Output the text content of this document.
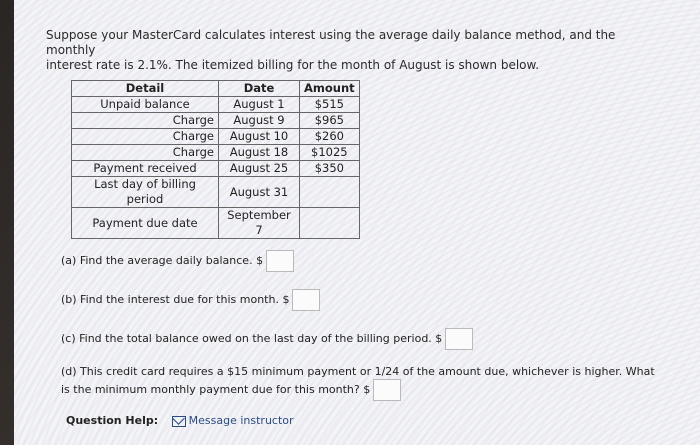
Suppose your MasterCard calculates interest using the average daily balance method, and the monthly
interest rate is 2.1%. The itemized billing for the month of August is shown below.
Detail	Date	Amount
Unpaid balance	August 1	$515
Charge	August 9	$965
Charge	August 10	$260
Charge	August 18	$1025
Payment received	August 25	$350
Last day of billing period	August 31	
Payment due date	September 7	
(a) Find the average daily balance. $
(b) Find the interest due for this month. $
(c) Find the total balance owed on the last day of the billing period. $
(d) This credit card requires a $15 minimum payment or 1/24 of the amount due, whichever is higher. What
is the minimum monthly payment due for this month? $
Question Help:	Message instructor
